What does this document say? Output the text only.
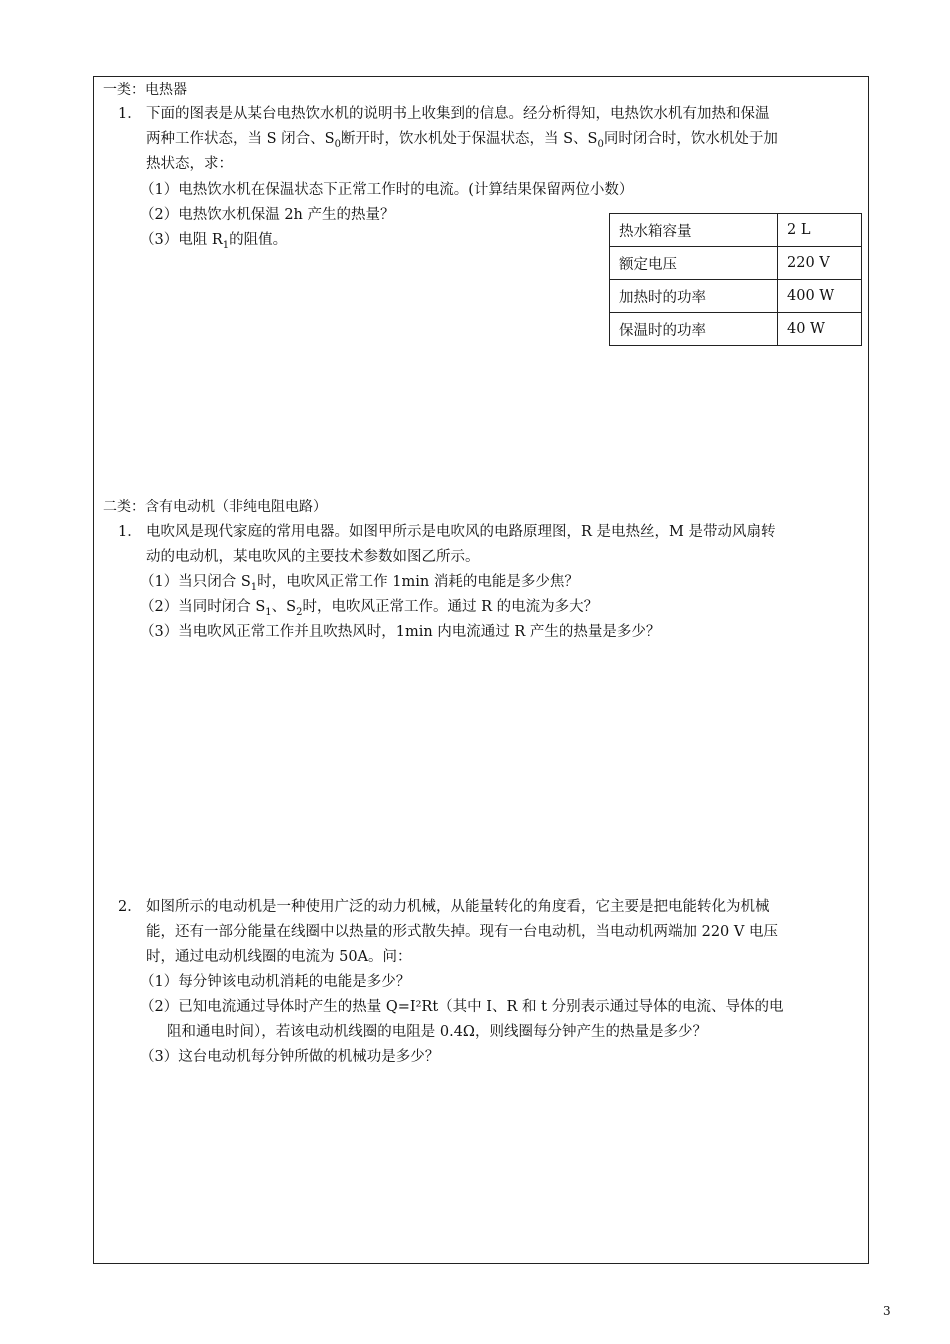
一类：电热器
1． 下面的图表是从某台电热饮水机的说明书上收集到的信息。经分析得知，电热饮水机有加热和保温
两种工作状态，当 S 闭合、$S_0$断开时，饮水机处于保温状态，当 S、$S_0$同时闭合时，饮水机处于加
热状态，求：
（1）电热饮水机在保温状态下正常工作时的电流。(计算结果保留两位小数）
（2）电热饮水机保温 2h 产生的热量？
（3）电阻 $R_1$的阻值。
热水箱容量	2 L
额定电压	220 V
加热时的功率	400 W
保温时的功率	40 W
二类：含有电动机（非纯电阻电路）
1． 电吹风是现代家庭的常用电器。如图甲所示是电吹风的电路原理图，R 是电热丝，M 是带动风扇转
动的电动机，某电吹风的主要技术参数如图乙所示。
（1）当只闭合 $S_1$时，电吹风正常工作 1min 消耗的电能是多少焦？
（2）当同时闭合 $S_1$、$S_2$时，电吹风正常工作。通过 R 的电流为多大？
（3）当电吹风正常工作并且吹热风时，1min 内电流通过 R 产生的热量是多少？
2． 如图所示的电动机是一种使用广泛的动力机械，从能量转化的角度看，它主要是把电能转化为机械
能，还有一部分能量在线圈中以热量的形式散失掉。现有一台电动机，当电动机两端加 220 V 电压
时，通过电动机线圈的电流为 50A。问：
（1）每分钟该电动机消耗的电能是多少？
（2）已知电流通过导体时产生的热量 Q=I²Rt（其中 I、R 和 t 分别表示通过导体的电流、导体的电
阻和通电时间），若该电动机线圈的电阻是 0.4Ω，则线圈每分钟产生的热量是多少？
（3）这台电动机每分钟所做的机械功是多少？
3
